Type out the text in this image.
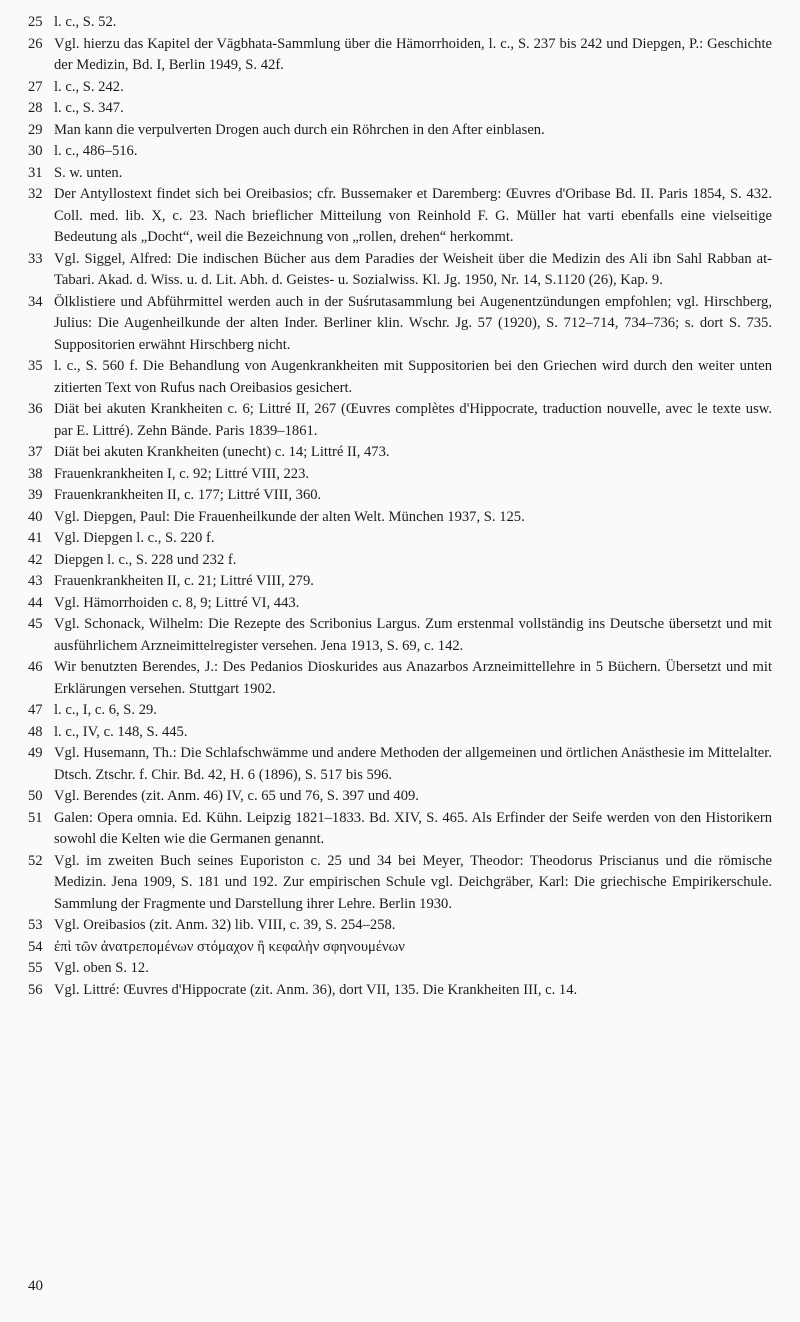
25 l. c., S. 52.
26 Vgl. hierzu das Kapitel der Vāgbhata-Sammlung über die Hämorrhoiden, l. c., S. 237 bis 242 und Diepgen, P.: Geschichte der Medizin, Bd. I, Berlin 1949, S. 42f.
27 l. c., S. 242.
28 l. c., S. 347.
29 Man kann die verpulverten Drogen auch durch ein Röhrchen in den After einblasen.
30 l. c., 486–516.
31 S. w. unten.
32 Der Antyllostext findet sich bei Oreibasios; cfr. Bussemaker et Daremberg: Œuvres d'Oribase Bd. II. Paris 1854, S. 432. Coll. med. lib. X, c. 23. Nach brieflicher Mitteilung von Reinhold F. G. Müller hat varti ebenfalls eine vielseitige Bedeutung als „Docht“, weil die Bezeichnung von „rollen, drehen“ herkommt.
33 Vgl. Siggel, Alfred: Die indischen Bücher aus dem Paradies der Weisheit über die Medizin des Ali ibn Sahl Rabban at-Tabari. Akad. d. Wiss. u. d. Lit. Abh. d. Geistes- u. Sozialwiss. Kl. Jg. 1950, Nr. 14, S.1120 (26), Kap. 9.
34 Ölklistiere und Abführmittel werden auch in der Suśrutasammlung bei Augenentzündungen empfohlen; vgl. Hirschberg, Julius: Die Augenheilkunde der alten Inder. Berliner klin. Wschr. Jg. 57 (1920), S. 712–714, 734–736; s. dort S. 735. Suppositorien erwähnt Hirschberg nicht.
35 l. c., S. 560 f. Die Behandlung von Augenkrankheiten mit Suppositorien bei den Griechen wird durch den weiter unten zitierten Text von Rufus nach Oreibasios gesichert.
36 Diät bei akuten Krankheiten c. 6; Littré II, 267 (Œuvres complètes d'Hippocrate, traduction nouvelle, avec le texte usw. par E. Littré). Zehn Bände. Paris 1839–1861.
37 Diät bei akuten Krankheiten (unecht) c. 14; Littré II, 473.
38 Frauenkrankheiten I, c. 92; Littré VIII, 223.
39 Frauenkrankheiten II, c. 177; Littré VIII, 360.
40 Vgl. Diepgen, Paul: Die Frauenheilkunde der alten Welt. München 1937, S. 125.
41 Vgl. Diepgen l. c., S. 220 f.
42 Diepgen l. c., S. 228 und 232 f.
43 Frauenkrankheiten II, c. 21; Littré VIII, 279.
44 Vgl. Hämorrhoiden c. 8, 9; Littré VI, 443.
45 Vgl. Schonack, Wilhelm: Die Rezepte des Scribonius Largus. Zum erstenmal vollständig ins Deutsche übersetzt und mit ausführlichem Arzneimittelregister versehen. Jena 1913, S. 69, c. 142.
46 Wir benutzten Berendes, J.: Des Pedanios Dioskurides aus Anazarbos Arzneimittellehre in 5 Büchern. Übersetzt und mit Erklärungen versehen. Stuttgart 1902.
47 l. c., I, c. 6, S. 29.
48 l. c., IV, c. 148, S. 445.
49 Vgl. Husemann, Th.: Die Schlafschwämme und andere Methoden der allgemeinen und örtlichen Anästhesie im Mittelalter. Dtsch. Ztschr. f. Chir. Bd. 42, H. 6 (1896), S. 517 bis 596.
50 Vgl. Berendes (zit. Anm. 46) IV, c. 65 und 76, S. 397 und 409.
51 Galen: Opera omnia. Ed. Kühn. Leipzig 1821–1833. Bd. XIV, S. 465. Als Erfinder der Seife werden von den Historikern sowohl die Kelten wie die Germanen genannt.
52 Vgl. im zweiten Buch seines Euporiston c. 25 und 34 bei Meyer, Theodor: Theodorus Priscianus und die römische Medizin. Jena 1909, S. 181 und 192. Zur empirischen Schule vgl. Deichgräber, Karl: Die griechische Empirikerschule. Sammlung der Fragmente und Darstellung ihrer Lehre. Berlin 1930.
53 Vgl. Oreibasios (zit. Anm. 32) lib. VIII, c. 39, S. 254–258.
54 ἐπὶ τῶν ἀνατρεπομένων στόμαχον ἢ κεφαλὴν σφηνουμένων
55 Vgl. oben S. 12.
56 Vgl. Littré: Œuvres d'Hippocrate (zit. Anm. 36), dort VII, 135. Die Krankheiten III, c. 14.
40
